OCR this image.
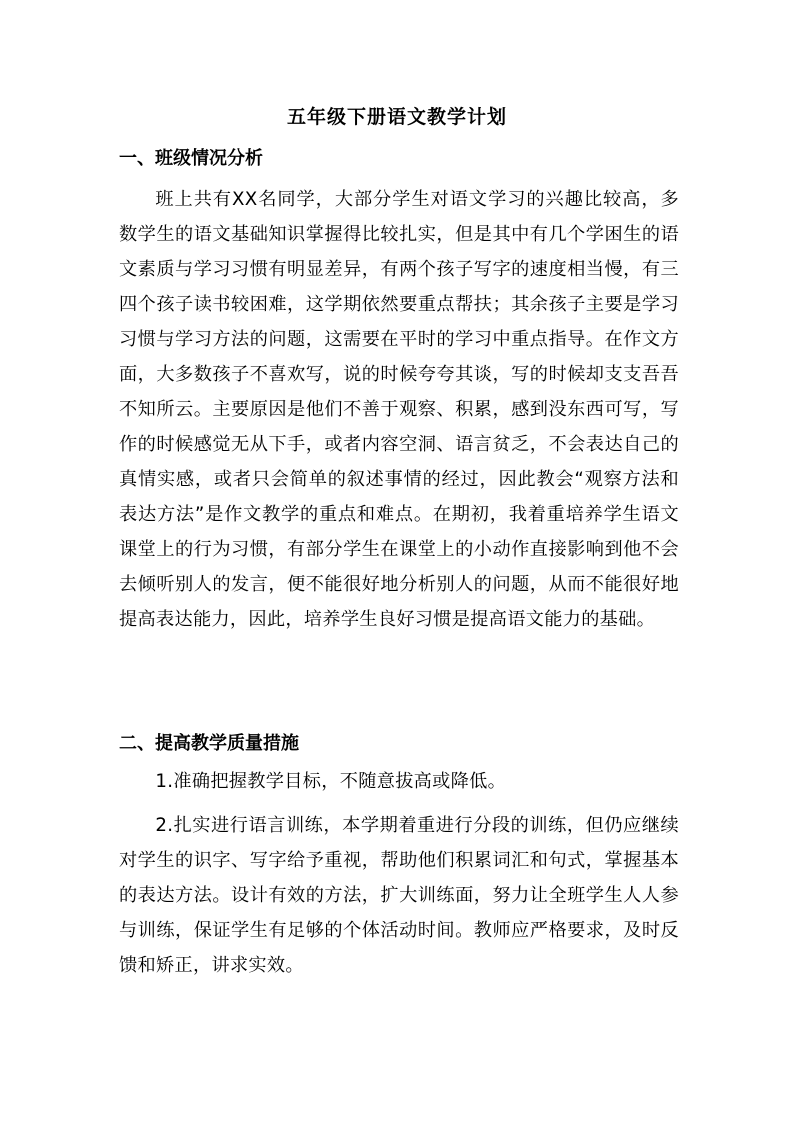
五年级下册语文教学计划
一、班级情况分析

班上共有XX名同学，大部分学生对语文学习的兴趣比较高，多数学生的语文基础知识掌握得比较扎实，但是其中有几个学困生的语文素质与学习习惯有明显差异，有两个孩子写字的速度相当慢，有三四个孩子读书较困难，这学期依然要重点帮扶；其余孩子主要是学习习惯与学习方法的问题，这需要在平时的学习中重点指导。在作文方面，大多数孩子不喜欢写，说的时候夸夸其谈，写的时候却支支吾吾不知所云。主要原因是他们不善于观察、积累，感到没东西可写，写作的时候感觉无从下手，或者内容空洞、语言贫乏，不会表达自己的真情实感，或者只会简单的叙述事情的经过，因此教会“观察方法和表达方法”是作文教学的重点和难点。在期初，我着重培养学生语文课堂上的行为习惯，有部分学生在课堂上的小动作直接影响到他不会去倾听别人的发言，便不能很好地分析别人的问题，从而不能很好地提高表达能力，因此，培养学生良好习惯是提高语文能力的基础。

二、提高教学质量措施

1.准确把握教学目标，不随意拔高或降低。

2.扎实进行语言训练，本学期着重进行分段的训练，但仍应继续对学生的识字、写字给予重视，帮助他们积累词汇和句式，掌握基本的表达方法。设计有效的方法，扩大训练面，努力让全班学生人人参与训练，保证学生有足够的个体活动时间。教师应严格要求，及时反馈和矫正，讲求实效。
